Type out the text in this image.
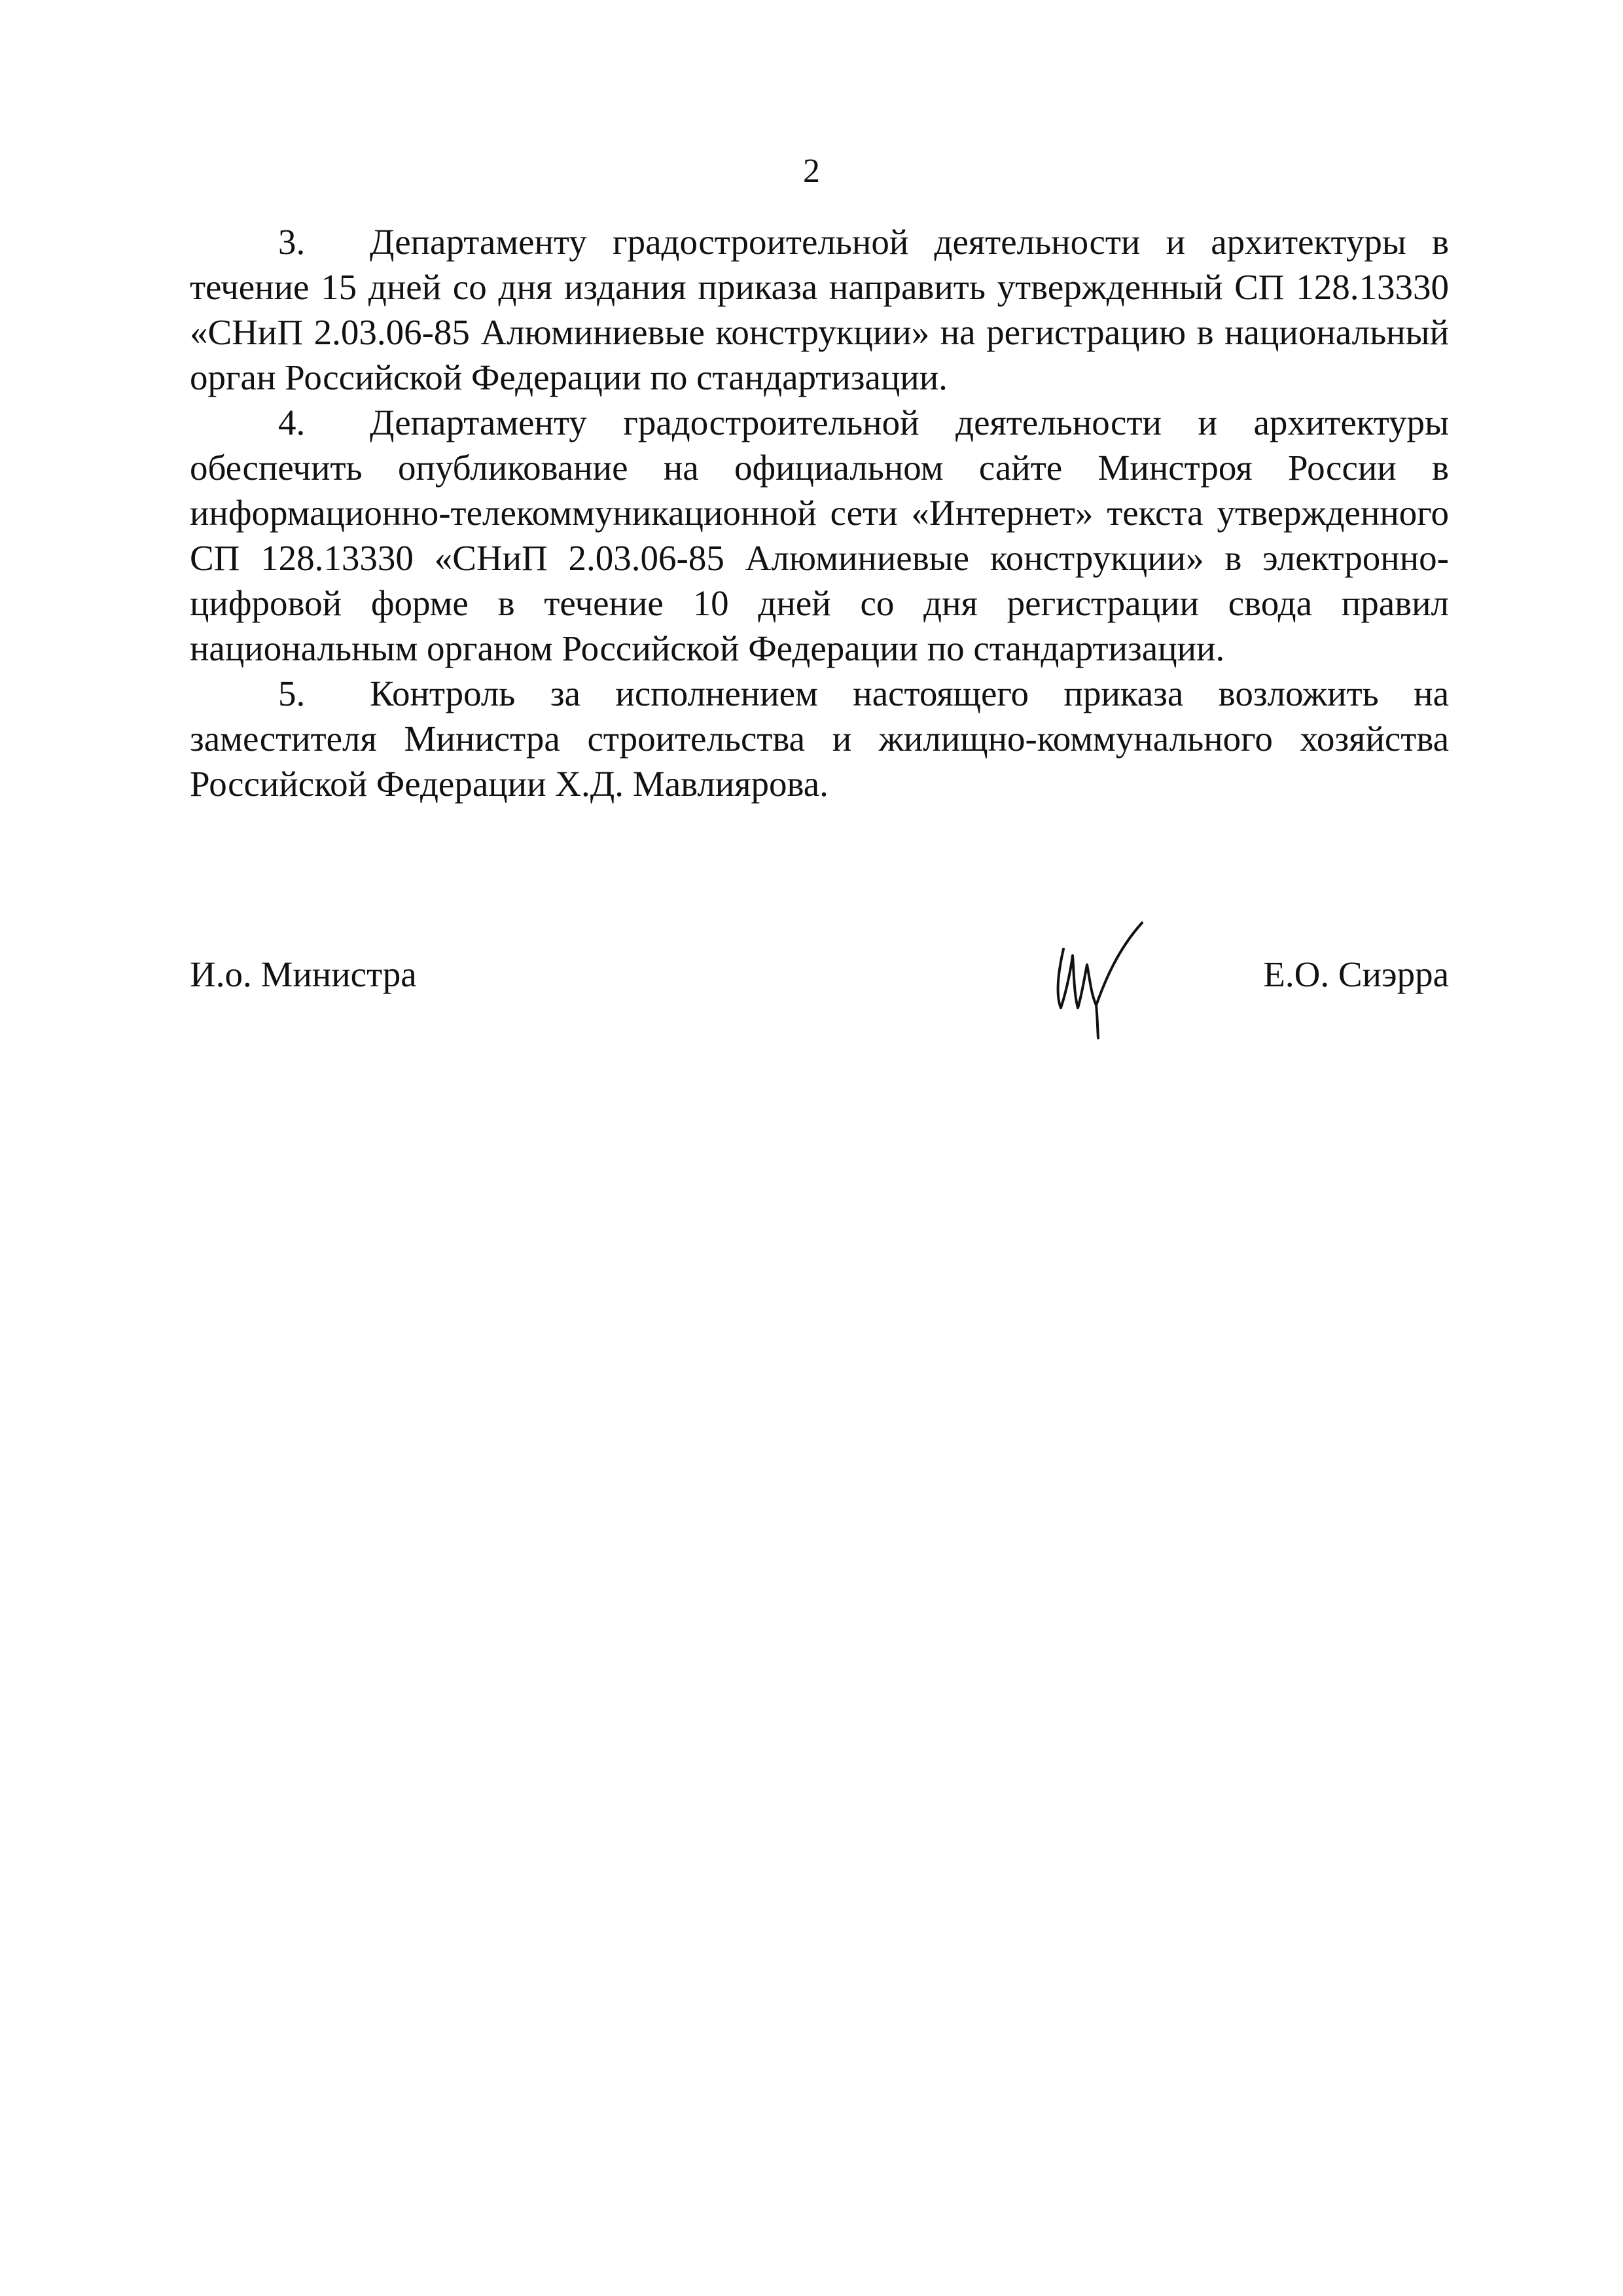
2

3. Департаменту градостроительной деятельности и архитектуры в течение 15 дней со дня издания приказа направить утвержденный СП 128.13330 «СНиП 2.03.06-85 Алюминиевые конструкции» на регистрацию в национальный орган Российской Федерации по стандартизации.

4. Департаменту градостроительной деятельности и архитектуры обеспечить опубликование на официальном сайте Минстроя России в информационно-телекоммуникационной сети «Интернет» текста утвержденного СП 128.13330 «СНиП 2.03.06-85 Алюминиевые конструкции» в электронно-цифровой форме в течение 10 дней со дня регистрации свода правил национальным органом Российской Федерации по стандартизации.

5. Контроль за исполнением настоящего приказа возложить на заместителя Министра строительства и жилищно-коммунального хозяйства Российской Федерации Х.Д. Мавлиярова.

И.о. Министра	Е.О. Сиэрра
